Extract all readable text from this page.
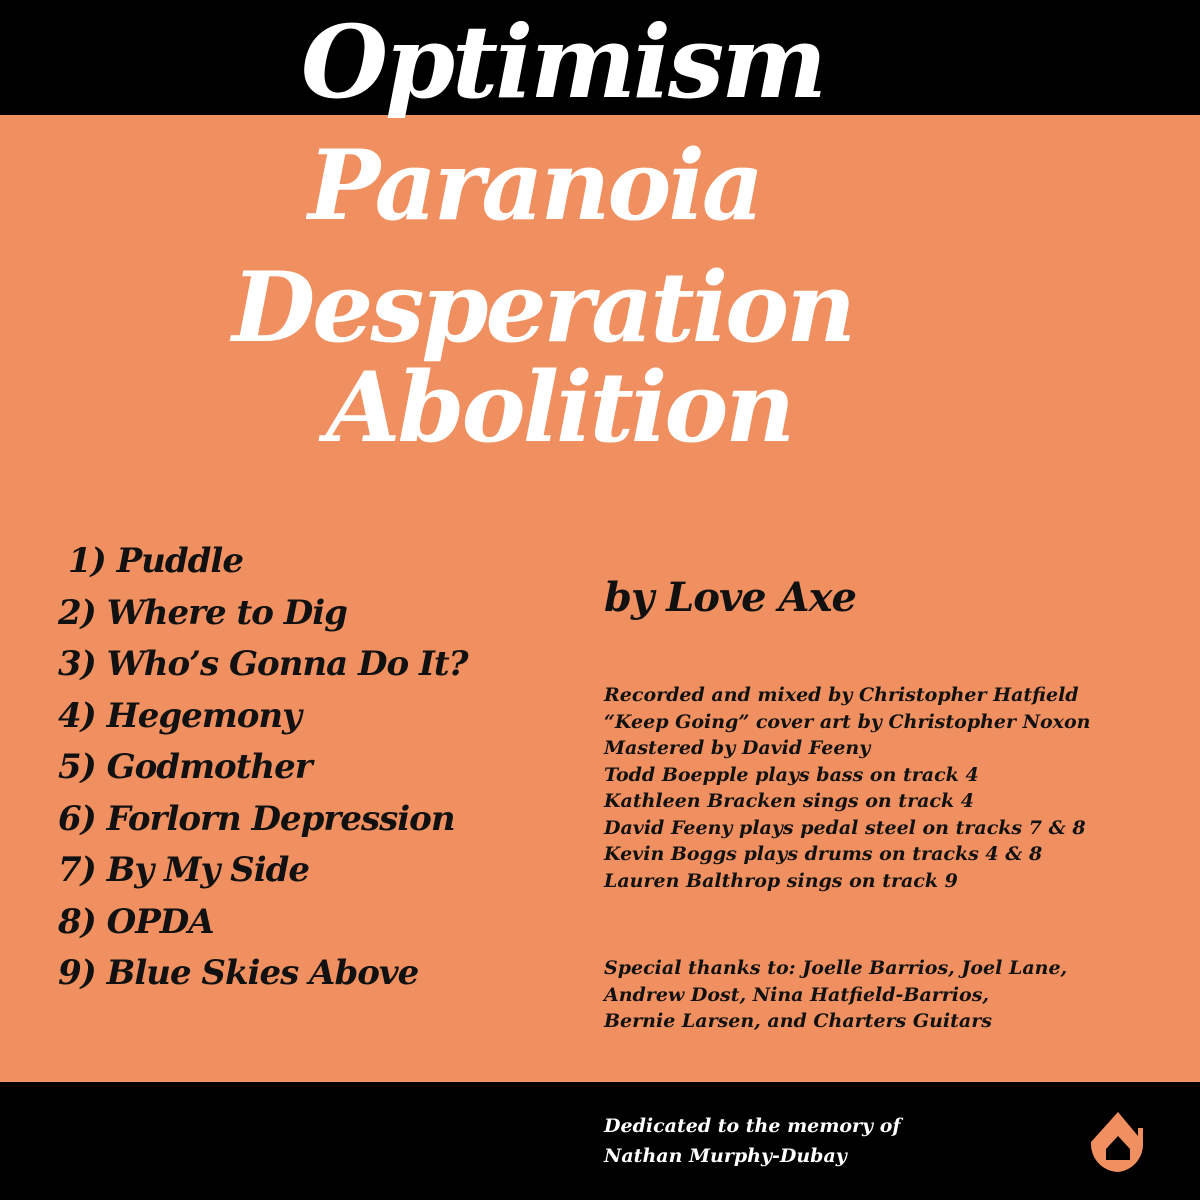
Optimism
Paranoia
Desperation
Abolition
1) Puddle
2) Where to Dig
3) Who’s Gonna Do It?
4) Hegemony
5) Godmother
6) Forlorn Depression
7) By My Side
8) OPDA
9) Blue Skies Above
by Love Axe
Recorded and mixed by Christopher Hatfield
“Keep Going” cover art by Christopher Noxon
Mastered by David Feeny
Todd Boepple plays bass on track 4
Kathleen Bracken sings on track 4
David Feeny plays pedal steel on tracks 7 & 8
Kevin Boggs plays drums on tracks 4 & 8
Lauren Balthrop sings on track 9
Special thanks to: Joelle Barrios, Joel Lane,
Andrew Dost, Nina Hatfield-Barrios,
Bernie Larsen, and Charters Guitars
Dedicated to the memory of
Nathan Murphy-Dubay
